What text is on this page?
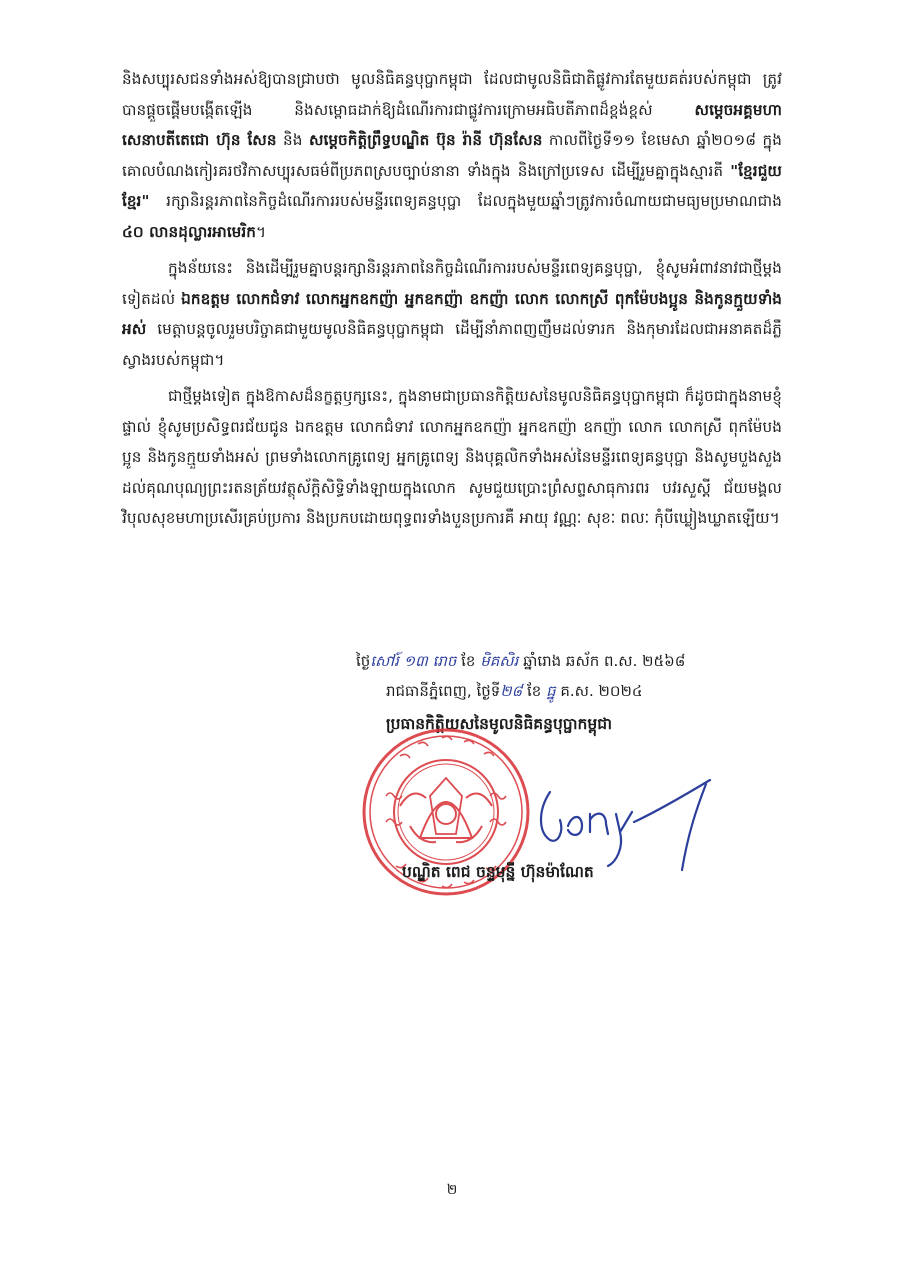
និងសប្បុរសជនទាំងអស់ឱ្យបានជ្រាបថា មូលនិធិគន្ធបុប្ផាកម្ពុជា ដែលជាមូលនិធិជាតិផ្លូវការតែមួយគត់របស់កម្ពុជា ត្រូវបានផ្តួចផ្តើមបង្កើតឡើង និងសម្ពោធដាក់ឱ្យដំណើរការជាផ្លូវការក្រោមអធិបតីភាពដ៏ខ្ពង់ខ្ពស់ សម្តេចអគ្គមហាសេនាបតីតេជោ ហ៊ុន សែន និង សម្តេចកិត្តិព្រឹទ្ធបណ្ឌិត ប៊ុន រ៉ានី ហ៊ុនសែន កាលពីថ្ងៃទី១១ ខែមេសា ឆ្នាំ២០១៨ ក្នុងគោលបំណងកៀរគរថវិកាសប្បុរសធម៌ពីប្រភពស្របច្បាប់នានា ទាំងក្នុង និងក្រៅប្រទេស ដើម្បីរួមគ្នាក្នុងស្មារតី "ខ្មែរជួយខ្មែរ" រក្សានិរន្តរភាពនៃកិច្ចដំណើរការរបស់មន្ទីរពេទ្យគន្ធបុប្ផា ដែលក្នុងមួយឆ្នាំៗត្រូវការចំណាយជាមធ្យមប្រមាណជាង ៤០ លានដុល្លារអាមេរិក។

ក្នុងន័យនេះ និងដើម្បីរួមគ្នាបន្តរក្សានិរន្តរភាពនៃកិច្ចដំណើរការរបស់មន្ទីរពេទ្យគន្ធបុប្ផា, ខ្ញុំសូមអំពាវនាវជាថ្មីម្តងទៀតដល់ ឯកឧត្តម លោកជំទាវ លោកអ្នកឧកញ៉ា អ្នកឧកញ៉ា ឧកញ៉ា លោក លោកស្រី ពុកម៉ែបងប្អូន និងកូនក្មួយទាំងអស់ មេត្តាបន្តចូលរួមបរិច្ចាគជាមួយមូលនិធិគន្ធបុប្ផាកម្ពុជា ដើម្បីនាំភាពញញឹមដល់ទារក និងកុមារដែលជាអនាគតដ៏ភ្លឺស្វាងរបស់កម្ពុជា។

ជាថ្មីម្តងទៀត ក្នុងឱកាសដ៏នក្ខត្តឫក្សនេះ, ក្នុងនាមជាប្រធានកិត្តិយសនៃមូលនិធិគន្ធបុប្ផាកម្ពុជា ក៏ដូចជាក្នុងនាមខ្ញុំផ្ទាល់ ខ្ញុំសូមប្រសិទ្ធពរជ័យជូន ឯកឧត្តម លោកជំទាវ លោកអ្នកឧកញ៉ា អ្នកឧកញ៉ា ឧកញ៉ា លោក លោកស្រី ពុកម៉ែបងប្អូន និងកូនក្មួយទាំងអស់ ព្រមទាំងលោកគ្រូពេទ្យ អ្នកគ្រូពេទ្យ និងបុគ្គលិកទាំងអស់នៃមន្ទីរពេទ្យគន្ធបុប្ផា និងសូមបួងសួងដល់គុណបុណ្យព្រះរតនត្រ័យវត្ថុស័ក្តិសិទ្ធិទាំងឡាយក្នុងលោក សូមជួយប្រោះព្រំសព្ទសាធុការពរ បវរសួស្តី ជ័យមង្គល វិបុលសុខមហាប្រសើរគ្រប់ប្រការ និងប្រកបដោយពុទ្ធពរទាំងបួនប្រការគឺ អាយុ វណ្ណៈ សុខៈ ពលៈ កុំបីឃ្លៀងឃ្លាតឡើយ។

ថ្ងៃសៅរ៍ ១៣ រោច ខែ មិគសិរ ឆ្នាំរោង ឆស័ក ព.ស. ២៥៦៨
រាជធានីភ្នំពេញ, ថ្ងៃទី២៨ ខែ ធ្នូ គ.ស. ២០២៤
ប្រធានកិត្តិយសនៃមូលនិធិគន្ធបុប្ផាកម្ពុជា
បណ្ឌិត ពេជ ចន្ទមុន្នី ហ៊ុនម៉ាណែត
២
